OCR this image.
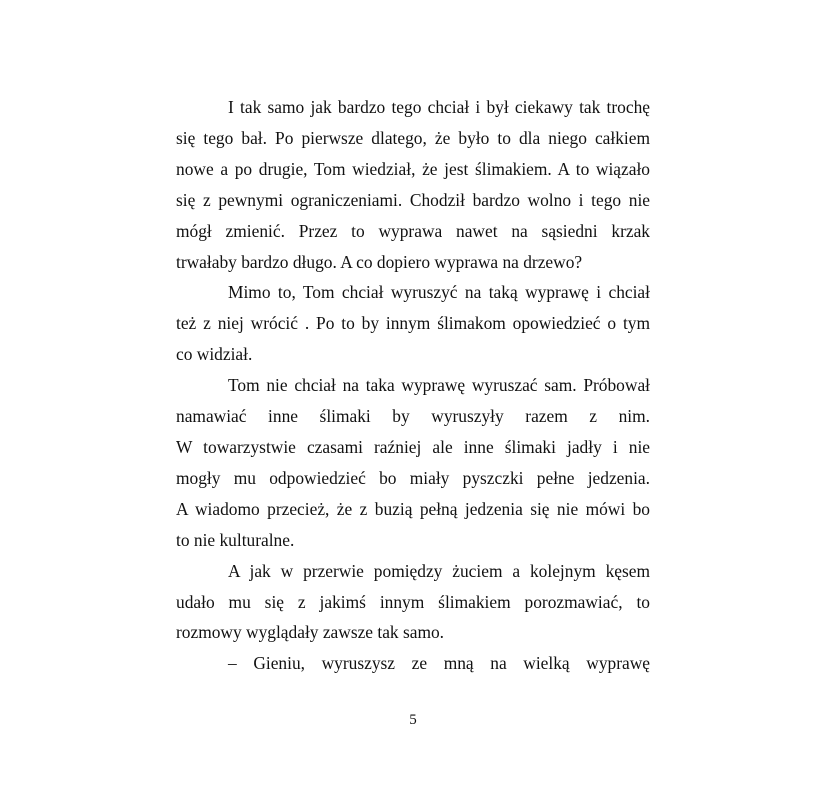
I tak samo jak bardzo tego chciał i był ciekawy tak trochę
się tego bał. Po pierwsze dlatego, że było to dla niego całkiem
nowe a po drugie, Tom wiedział, że jest ślimakiem. A to wiązało
się z pewnymi ograniczeniami. Chodził bardzo wolno i tego nie
mógł zmienić. Przez to wyprawa nawet na sąsiedni krzak
trwałaby bardzo długo. A co dopiero wyprawa na drzewo?

Mimo to, Tom chciał wyruszyć na taką wyprawę i chciał
też z niej wrócić . Po to by innym ślimakom opowiedzieć o tym
co widział.

Tom nie chciał na taka wyprawę wyruszać sam. Próbował
namawiać inne ślimaki by wyruszyły razem z nim.
W towarzystwie czasami raźniej ale inne ślimaki jadły i nie
mogły mu odpowiedzieć bo miały pyszczki pełne jedzenia.
A wiadomo przecież, że z buzią pełną jedzenia się nie mówi bo
to nie kulturalne.

A jak w przerwie pomiędzy żuciem a kolejnym kęsem
udało mu się z jakimś innym ślimakiem porozmawiać, to
rozmowy wyglądały zawsze tak samo.

– Gieniu, wyruszysz ze mną na wielką wyprawę

5
